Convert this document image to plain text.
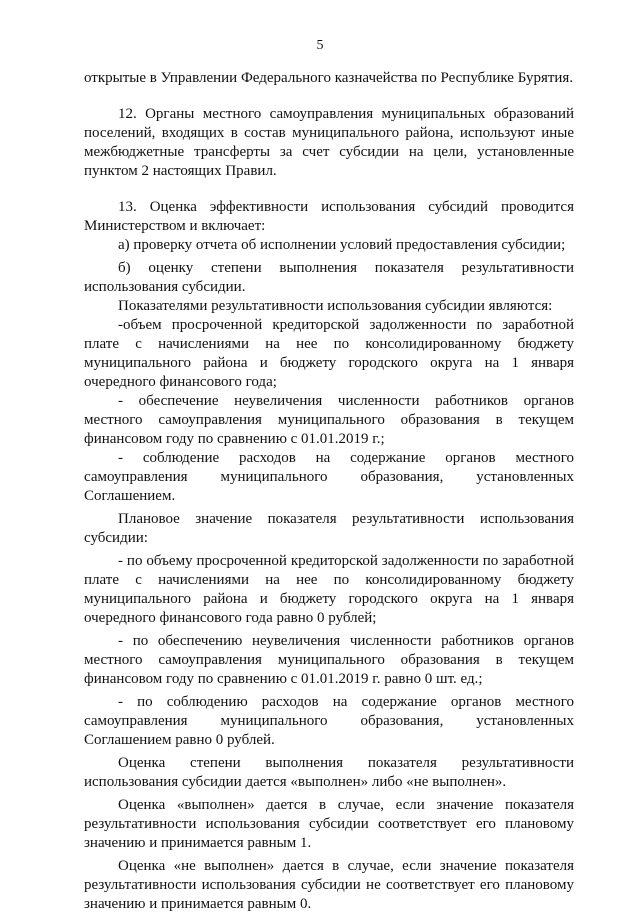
5

открытые в Управлении Федерального казначейства по Республике Бурятия.

12. Органы местного самоуправления муниципальных образований поселений, входящих в состав муниципального района, используют иные межбюджетные трансферты за счет субсидии на цели, установленные пунктом 2 настоящих Правил.

13. Оценка эффективности использования субсидий проводится Министерством и включает:

а) проверку отчета об исполнении условий предоставления субсидии;

б) оценку степени выполнения показателя результативности использования субсидии.

Показателями результативности использования субсидии являются:

-объем просроченной кредиторской задолженности по заработной плате с начислениями на нее по консолидированному бюджету муниципального района и бюджету городского округа на 1 января очередного финансового года;

- обеспечение неувеличения численности работников органов местного самоуправления муниципального образования в текущем финансовом году по сравнению с 01.01.2019 г.;

- соблюдение расходов на содержание органов местного самоуправления муниципального образования, установленных Соглашением.

Плановое значение показателя результативности использования субсидии:

- по объему просроченной кредиторской задолженности по заработной плате с начислениями на нее по консолидированному бюджету муниципального района и бюджету городского округа на 1 января очередного финансового года равно 0 рублей;

- по обеспечению неувеличения численности работников органов местного самоуправления муниципального образования в текущем финансовом году по сравнению с 01.01.2019 г. равно 0 шт. ед.;

- по соблюдению расходов на содержание органов местного самоуправления муниципального образования, установленных Соглашением равно 0 рублей.

Оценка степени выполнения показателя результативности использования субсидии дается «выполнен» либо «не выполнен».

Оценка «выполнен» дается в случае, если значение показателя результативности использования субсидии соответствует его плановому значению и принимается равным 1.

Оценка «не выполнен» дается в случае, если значение показателя результативности использования субсидии не соответствует его плановому значению и принимается равным 0.
